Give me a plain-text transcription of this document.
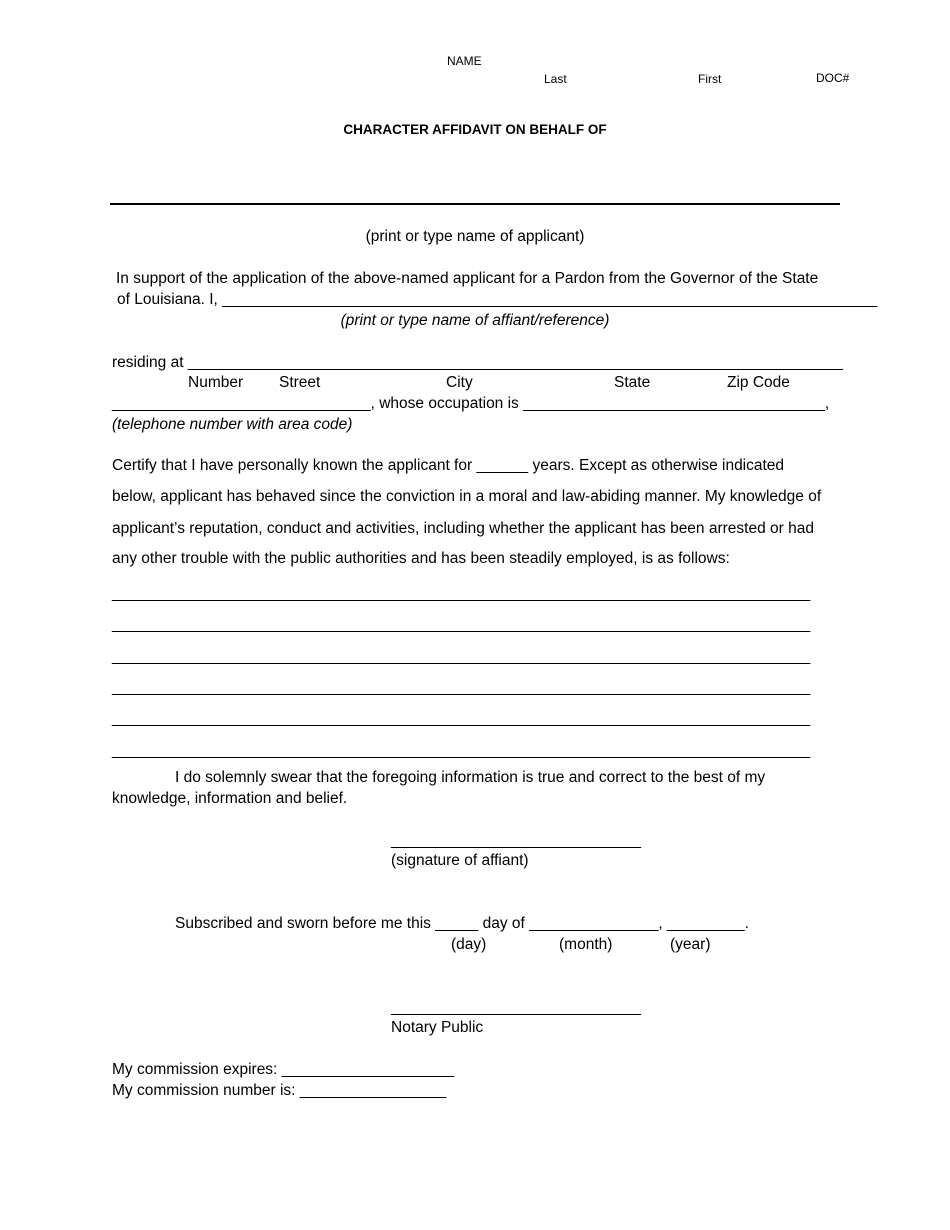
NAME
Last	First	DOC#
CHARACTER AFFIDAVIT ON BEHALF OF
(print or type name of applicant)
In support of the application of the above-named applicant for a Pardon from the Governor of the State
of Louisiana. I, ____________________________________________________________________________
(print or type name of affiant/reference)
residing at ____________________________________________________________________________
Number Street	City	State	Zip Code
______________________________, whose occupation is ___________________________________,
(telephone number with area code)
Certify that I have personally known the applicant for ______ years. Except as otherwise indicated
below, applicant has behaved since the conviction in a moral and law-abiding manner. My knowledge of
applicant’s reputation, conduct and activities, including whether the applicant has been arrested or had
any other trouble with the public authorities and has been steadily employed, is as follows:
_________________________________________________________________________________
_________________________________________________________________________________
_________________________________________________________________________________
_________________________________________________________________________________
_________________________________________________________________________________
_________________________________________________________________________________
I do solemnly swear that the foregoing information is true and correct to the best of my
knowledge, information and belief.
_____________________________
(signature of affiant)
Subscribed and sworn before me this _____ day of _______________, _________.
(day)	(month)	(year)
_____________________________
Notary Public
My commission expires: ____________________
My commission number is: _________________
